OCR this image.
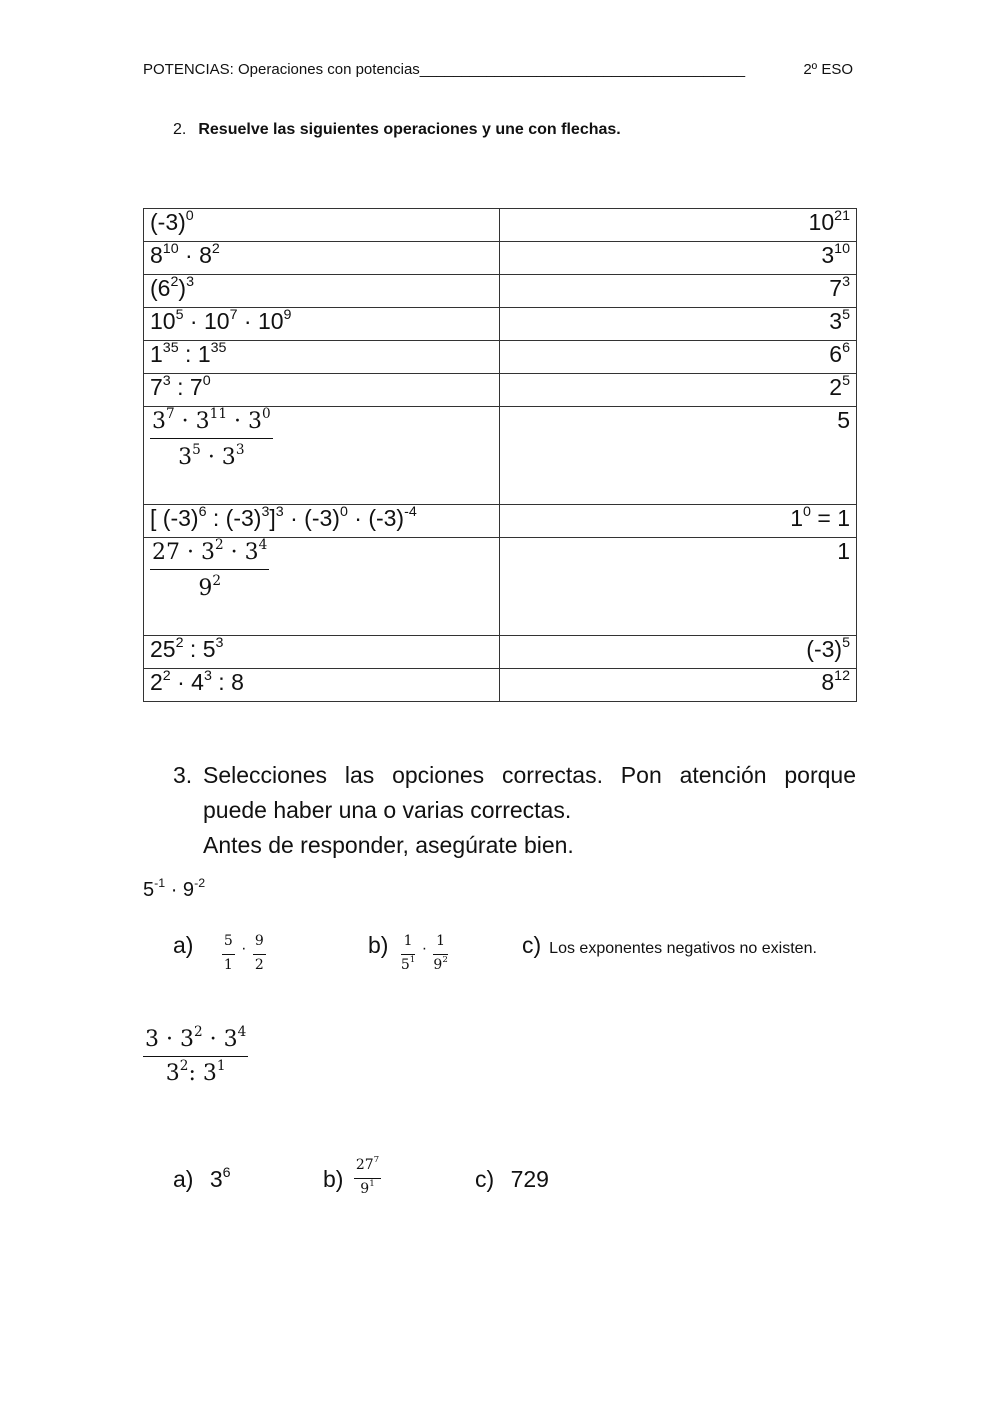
POTENCIAS: Operaciones con potencias_______________________________________	2º ESO
2. Resuelve las siguientes operaciones y une con flechas.
$(-3)^0$	$10^{21}$
$8^{10} \cdot 8^2$	$3^{10}$
$(6^2)^3$	$7^3$
$10^5 \cdot 10^7 \cdot 10^9$	$3^5$
$1^{35}$ : $1^{35}$	$6^6$
$7^3$ : $7^0$	$2^5$

$\frac{3^7 \cdot 3^{11} \cdot 3^0}{3^5 \cdot 3^3}$	5
[ $(-3)^6$ : $(-3)^3]^3 \cdot (-3)^0 \cdot (-3)^{-4}$	$1^0 = 1$

$\frac{27 \cdot 3^2 \cdot 3^4}{9^2}$	1
$25^2$ : $5^3$	$(-3)^5$
$2^2 \cdot 4^3$ : 8	$8^{12}$
3. Selecciones las opciones correctas. Pon atención porque puede haber una o varias correctas.
Antes de responder, asegúrate bien.
$5^{-1} \cdot 9^{-2}$
$a) \frac{5}{1} ^\cdot \frac{9}{2}$	$b) \frac{1}{5^1} ^\cdot \frac{1}{9^2}$	c) Los exponentes negativos no existen.
$\frac{3 \cdot 3^2 \cdot 3^4}{3^2: 3^1}$
a) $3^6$	$b) \frac{27^7}{9^1}$	c) 729
